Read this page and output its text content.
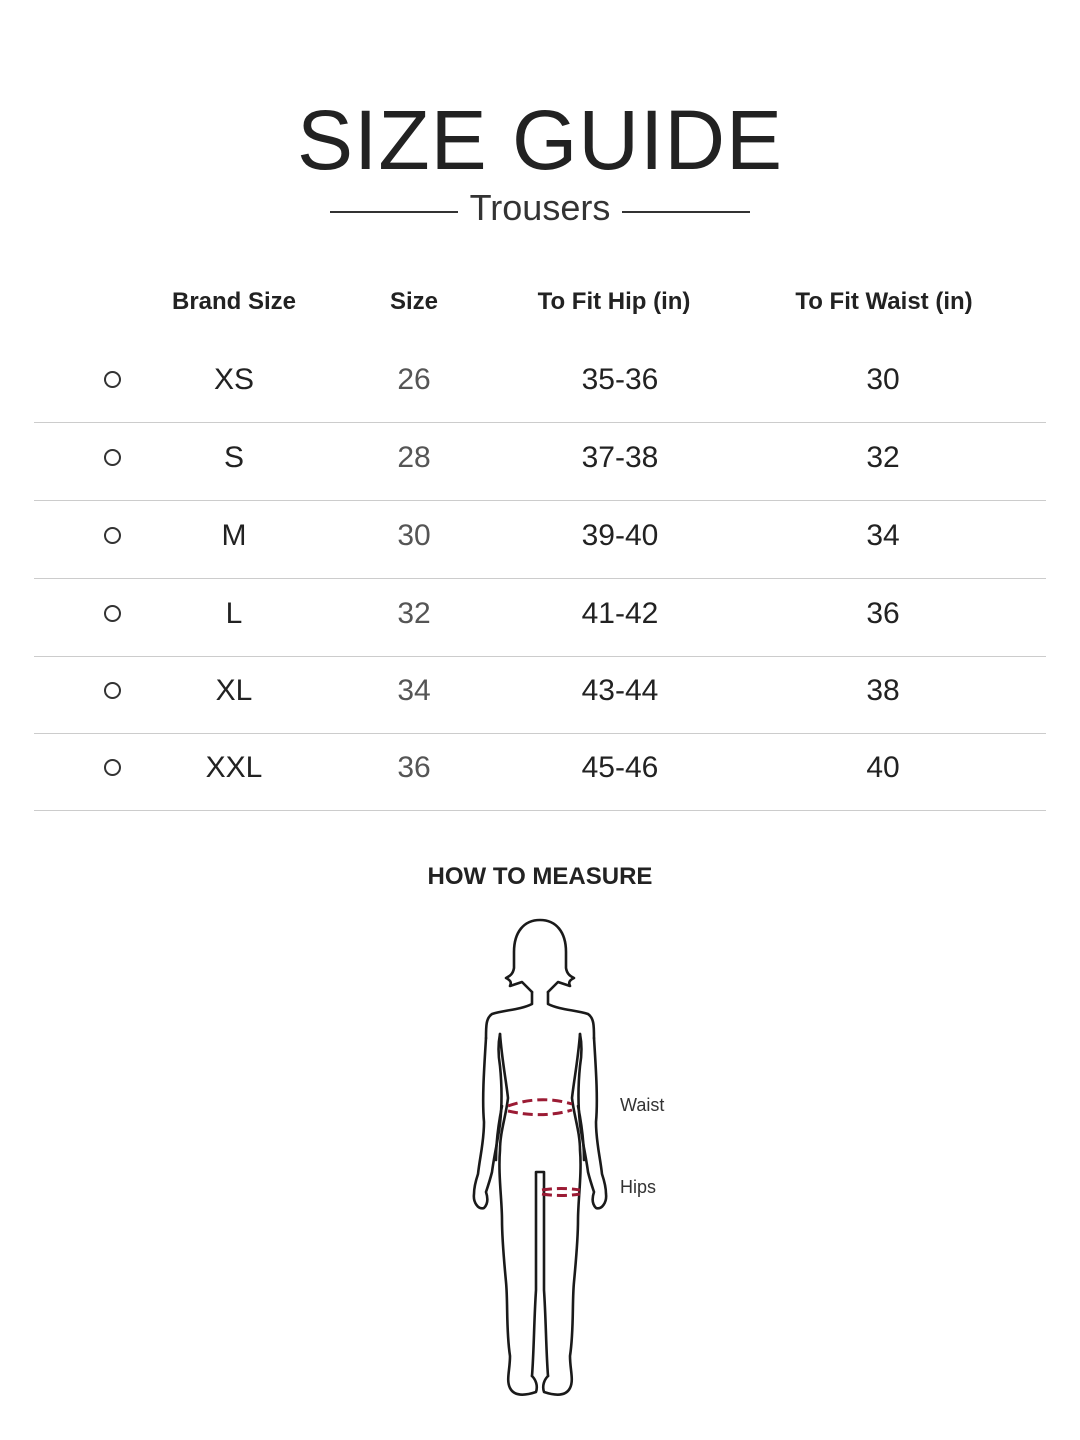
SIZE GUIDE
Trousers
Brand Size	Size	To Fit Hip (in)	To Fit Waist (in)
XS	26	35-36	30
S	28	37-38	32
M	30	39-40	34
L	32	41-42	36
XL	34	43-44	38
XXL	36	45-46	40
HOW TO MEASURE
Waist
Hips
